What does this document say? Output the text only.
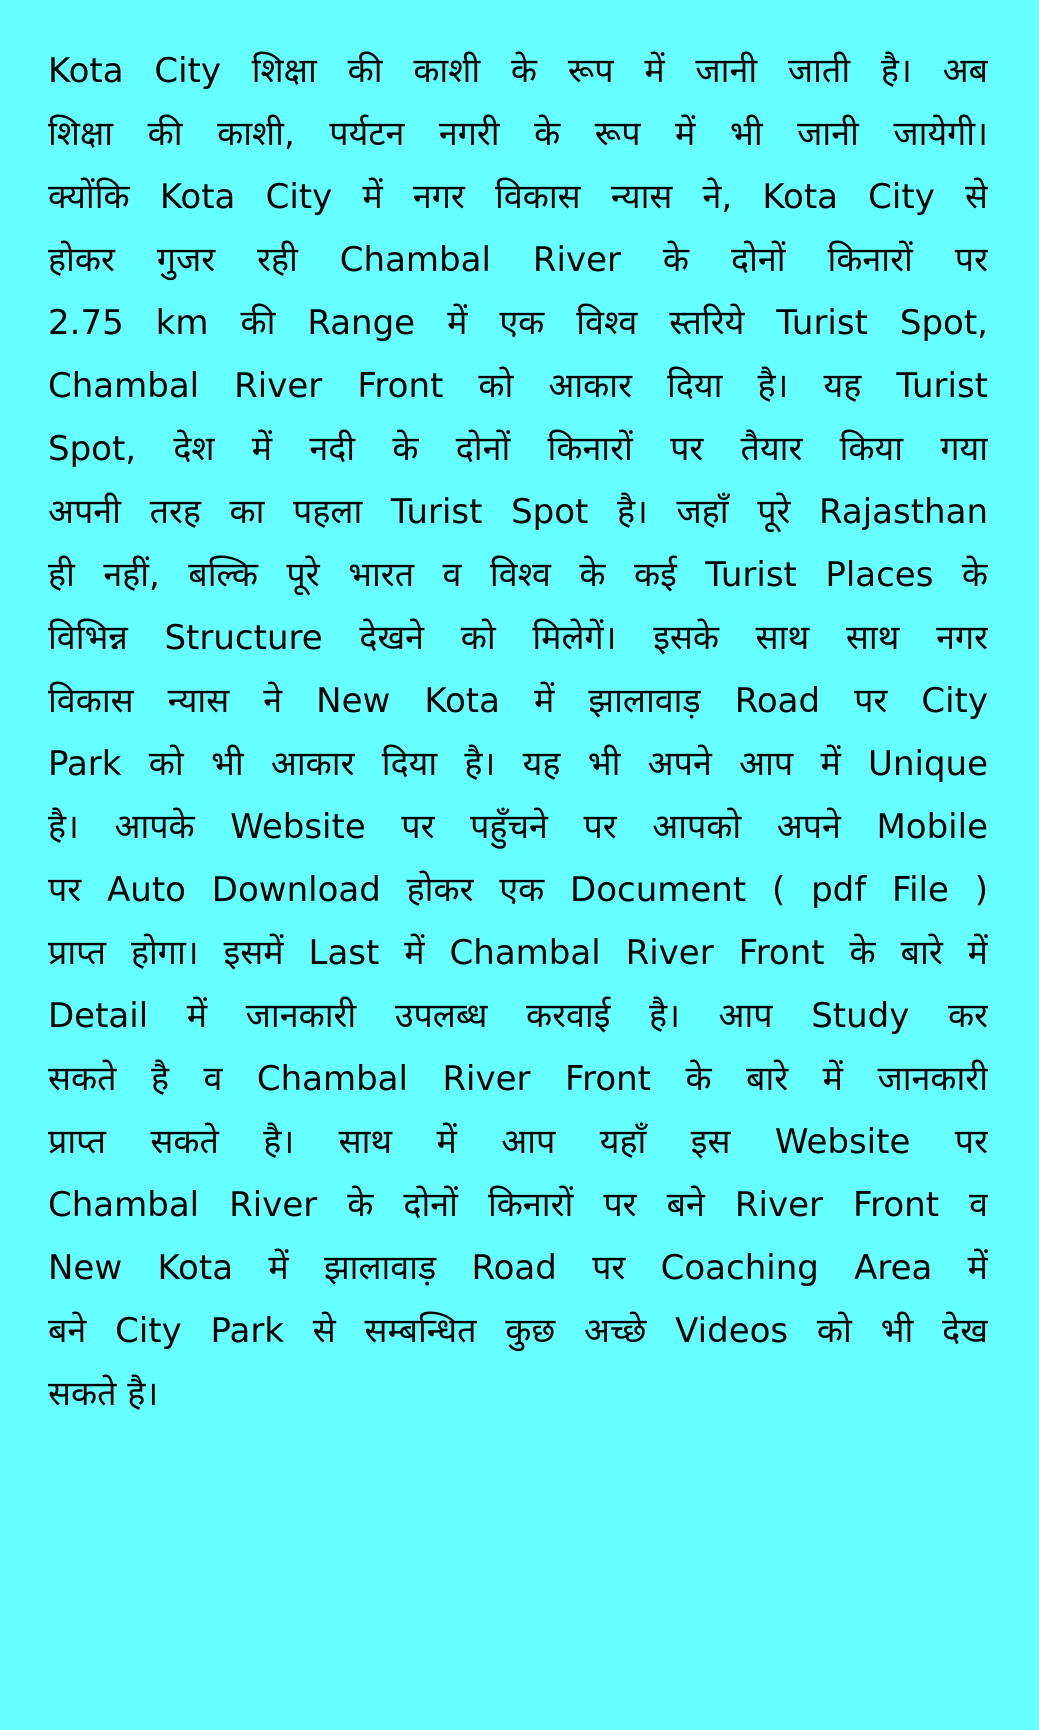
Kota City शिक्षा की काशी के रूप में जानी जाती है। अब
शिक्षा की काशी, पर्यटन नगरी के रूप में भी जानी जायेगी।
क्योंकि Kota City में नगर विकास न्यास ने, Kota City से
होकर गुजर रही Chambal River के दोनों किनारों पर
2.75 km की Range में एक विश्व स्तरिये Turist Spot,
Chambal River Front को आकार दिया है। यह Turist
Spot, देश में नदी के दोनों किनारों पर तैयार किया गया
अपनी तरह का पहला Turist Spot है। जहाँ पूरे Rajasthan
ही नहीं, बल्कि पूरे भारत व विश्व के कई Turist Places के
विभिन्न Structure देखने को मिलेगें। इसके साथ साथ नगर
विकास न्यास ने New Kota में झालावाड़ Road पर City
Park को भी आकार दिया है। यह भी अपने आप में Unique
है। आपके Website पर पहुँचने पर आपको अपने Mobile
पर Auto Download होकर एक Document ( pdf File )
प्राप्त होगा। इसमें Last में Chambal River Front के बारे में
Detail में जानकारी उपलब्ध करवाई है। आप Study कर
सकते है व Chambal River Front के बारे में जानकारी
प्राप्त सकते है। साथ में आप यहाँ इस Website पर
Chambal River के दोनों किनारों पर बने River Front व
New Kota में झालावाड़ Road पर Coaching Area में
बने City Park से सम्बन्धित कुछ अच्छे Videos को भी देख
सकते है।
